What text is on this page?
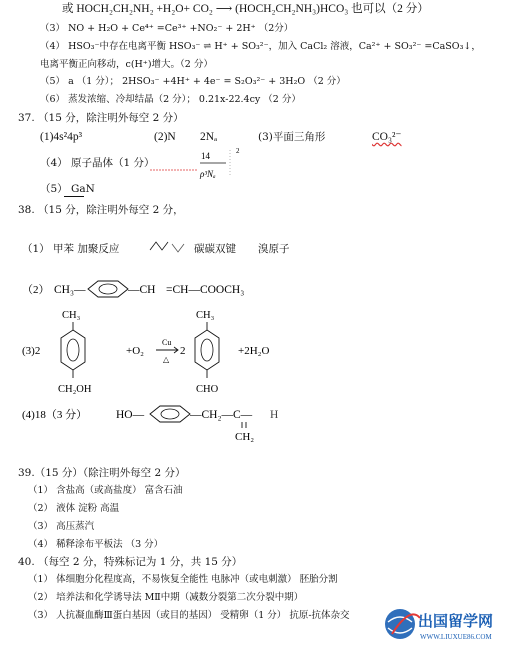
或 HOCH₂CH₂NH₂ +H₂O+ CO₂ ⟶ (HOCH₂CH₂NH₃)HCO₃ 也可以（2 分）
（3） NO + H₂O + Ce⁴⁺ =Ce³⁺ +NO₂⁻ + 2H⁺ （2分）
（4） HSO₃⁻中存在电离平衡 HSO₃⁻ ⇌ H⁺ + SO₃²⁻，加入 CaCl₂ 溶液，Ca²⁺ + SO₃²⁻ =CaSO₃↓，
电离平衡正向移动，c(H⁺)增大。（2 分）
（5） a （1 分）； 2HSO₃⁻ +4H⁺ + 4e⁻ = S₂O₃²⁻ + 3H₂O （2 分）
（6） 蒸发浓缩、冷却结晶（2 分）； 0.21x-22.4cy （2 分）
37. （15 分，除注明外每空 2 分）
(1)4s²4p³	(2)N 2Nₐ	(3)平面三角形	CO₃²⁻
（4） 原子晶体（1 分）
14
ρ³Nₐ
2
（5） GaN
38. （15 分，除注明外每空 2 分，
（1） 甲苯 加聚反应	碳碳双键 溴原子
（2） CH₃—	—CH =CH—COOCH₃
(3)2
CH₃
CH₂OH
+O₂
Cu
△
2
CH₃
CHO
+2H₂O
(4)18（3 分）	HO—	—CH₂—C— H
CH₂
39.（15 分）（除注明外每空 2 分）
（1） 含盐高（或高盐度） 富含石油
（2） 液体 淀粉 高温
（3） 高压蒸汽
（4） 稀释涂布平板法 （3 分）
40. （每空 2 分，特殊标记为 1 分，共 15 分）
（1） 体细胞分化程度高，不易恢复全能性 电脉冲（或电刺激） 胚胎分割
（2） 培养法和化学诱导法 MⅡ中期（减数分裂第二次分裂中期）
（3） 人抗凝血酶Ⅲ蛋白基因（或目的基因） 受精卵（1 分） 抗原-抗体杂交	出国留学网
WWW.LIUXUE86.COM
